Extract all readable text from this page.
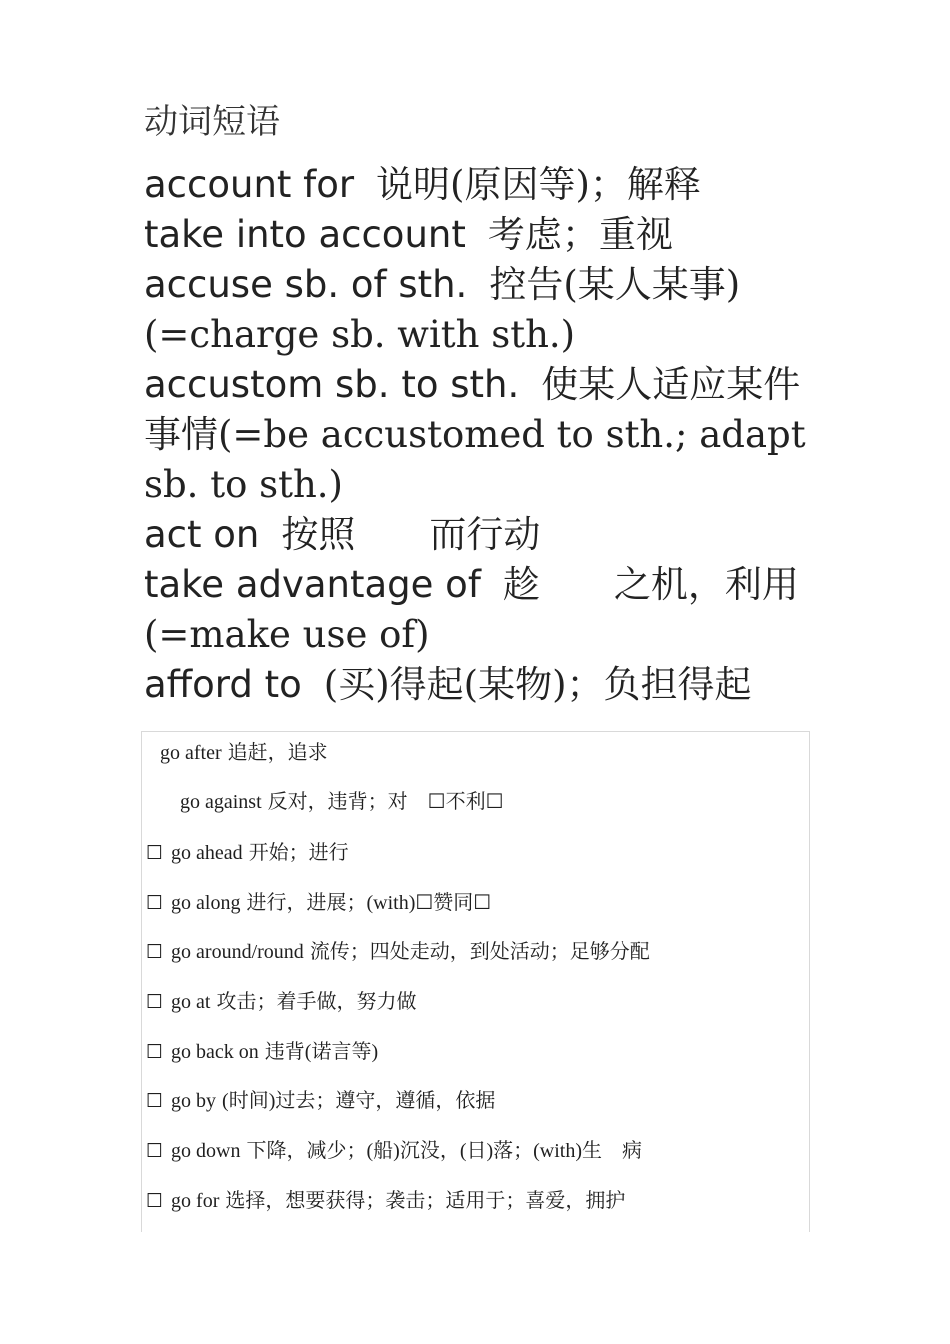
动词短语

account for 说明(原因等)；解释

take into account 考虑；重视

accuse sb. of sth. 控告(某人某事)(=charge sb. with sth.)

accustom sb. to sth. 使某人适应某件事情(=be accustomed to sth.; adapt sb. to sth.)

act on 按照　　而行动

take advantage of 趁　　之机，利用(=make use of)

afford to (买)得起(某物)；负担得起

go after 追赶，追求
go against 反对，违背；对　☐不利☐
☐ go ahead 开始；进行
☐ go along 进行，进展；(with)☐赞同☐
☐ go around/round 流传；四处走动，到处活动；足够分配
☐ go at 攻击；着手做，努力做
☐ go back on 违背(诺言等)
☐ go by (时间)过去；遵守，遵循，依据
☐ go down 下降，减少；(船)沉没，(日)落；(with)生　病
☐ go for 选择，想要获得；袭击；适用于；喜爱，拥护
